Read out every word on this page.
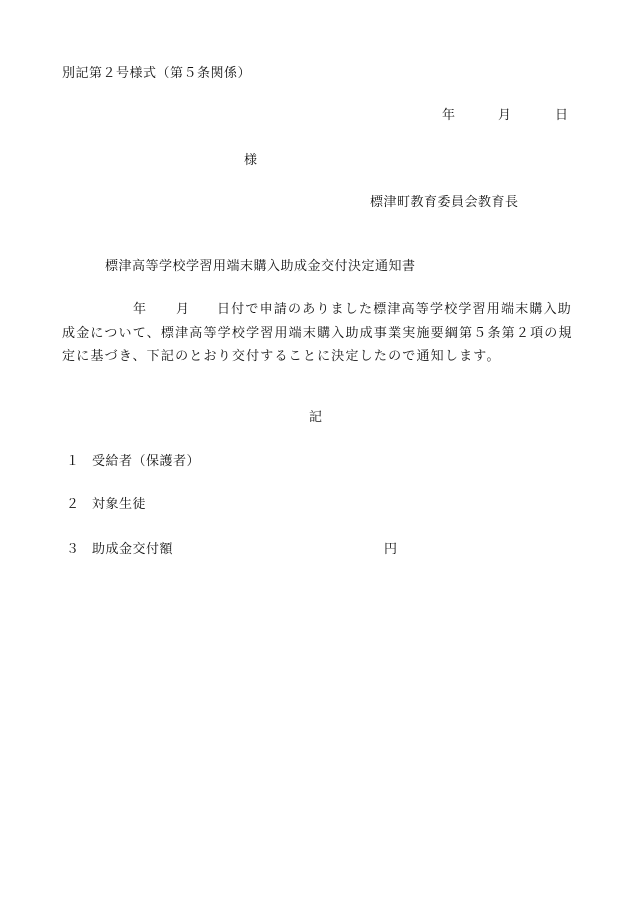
別記第２号様式（第５条関係）
年	月	日
様
標津町教育委員会教育長
標津高等学校学習用端末購入助成金交付決定通知書
年 月 日付で申請のありました標津高等学校学習用端末購入助
成金について、標津高等学校学習用端末購入助成事業実施要綱第５条第２項の規
定に基づき、下記のとおり交付することに決定したので通知します。
記
１ 受給者（保護者）
２ 対象生徒
３ 助成金交付額	円
